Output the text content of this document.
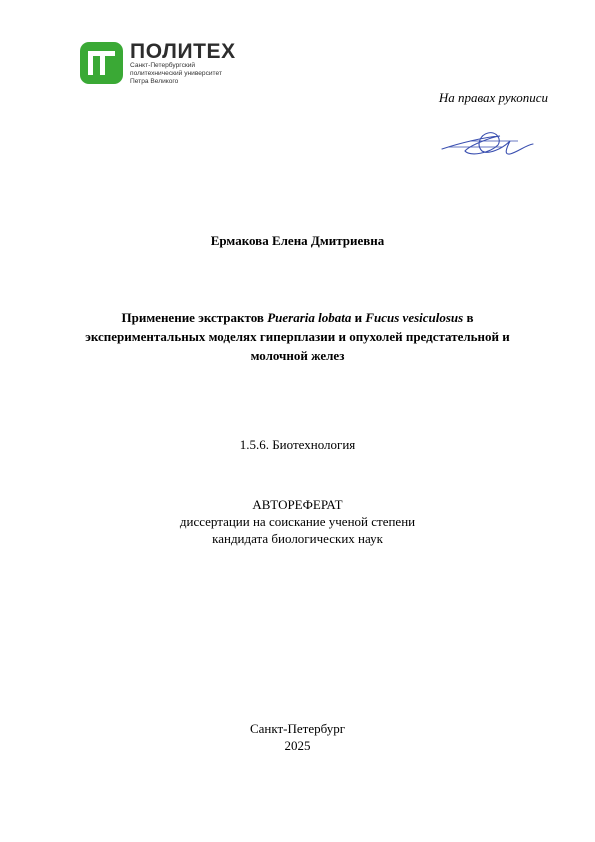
ПОЛИТЕХ
Санкт-Петербургский
политехнический университет
Петра Великого
На правах рукописи
Ермакова Елена Дмитриевна
Применение экстрактов Pueraria lobata и Fucus vesiculosus в
экспериментальных моделях гиперплазии и опухолей предстательной и
молочной желез
1.5.6. Биотехнология
АВТОРЕФЕРАТ
диссертации на соискание ученой степени
кандидата биологических наук
Санкт-Петербург
2025
